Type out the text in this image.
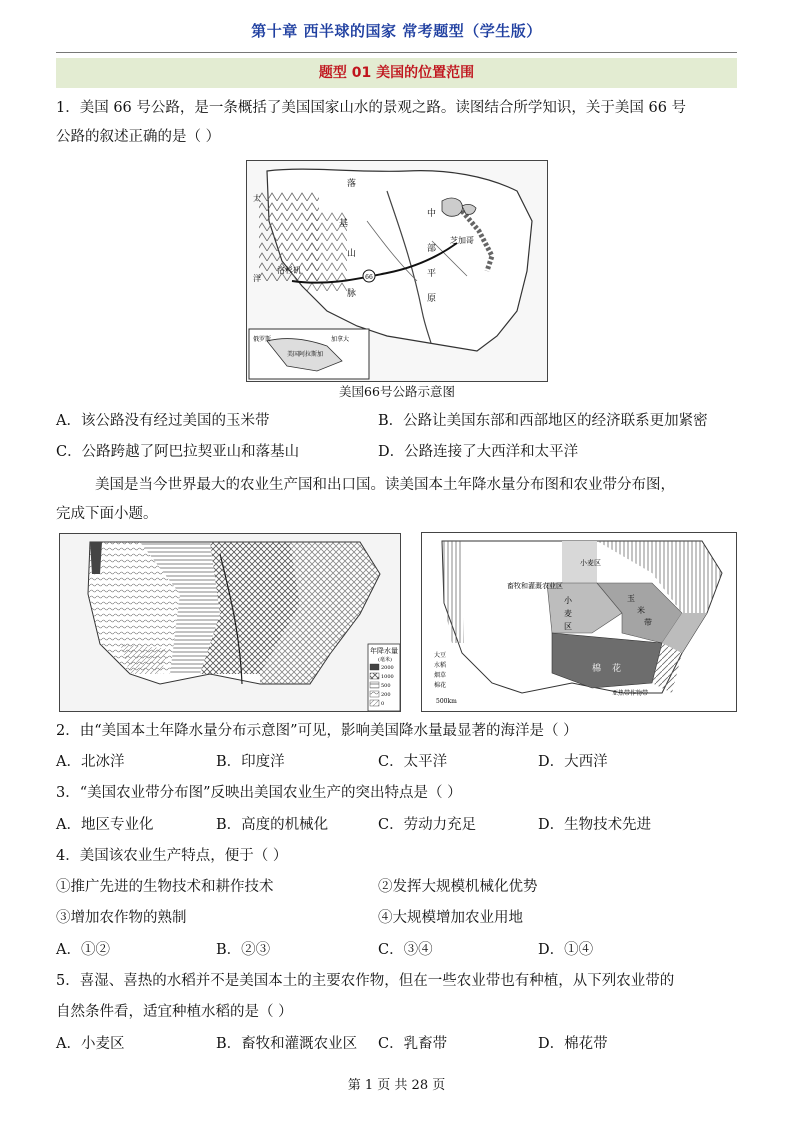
第十章 西半球的国家 常考题型（学生版）
题型 01 美国的位置范围
1．美国 66 号公路，是一条概括了美国国家山水的景观之路。读图结合所学知识，关于美国 66 号
公路的叙述正确的是（ ）
66
落
基
山
脉
太
洋
芝加哥
洛杉矶
中
部
平
原
俄罗斯
美国阿拉斯加
加拿大
美国66号公路示意图
A．该公路没有经过美国的玉米带	B．公路让美国东部和西部地区的经济联系更加紧密
C．公路跨越了阿巴拉契亚山和落基山	D．公路连接了大西洋和太平洋
美国是当今世界最大的农业生产国和出口国。读美国本土年降水量分布图和农业带分布图，
完成下面小题。
年降水量
(毫米)
2000
1000
500
200
0
小麦区
畜牧和灌溉农业区
小
麦
区
玉
米
带
棉 花
亚热带作物带
500km
大豆
水稻
烟草
棉花
2．由“美国本土年降水量分布示意图”可见，影响美国降水量最显著的海洋是（ ）
A．北冰洋	B．印度洋	C．太平洋	D．大西洋
3．“美国农业带分布图”反映出美国农业生产的突出特点是（ ）
A．地区专业化	B．高度的机械化	C．劳动力充足	D．生物技术先进
4．美国该农业生产特点，便于（ ）
①推广先进的生物技术和耕作技术	②发挥大规模机械化优势
③增加农作物的熟制	④大规模增加农业用地
A．①②	B．②③	C．③④	D．①④
5．喜湿、喜热的水稻并不是美国本土的主要农作物，但在一些农业带也有种植，从下列农业带的
自然条件看，适宜种植水稻的是（ ）
A．小麦区	B．畜牧和灌溉农业区 C．乳畜带	D．棉花带
第 1 页 共 28 页
